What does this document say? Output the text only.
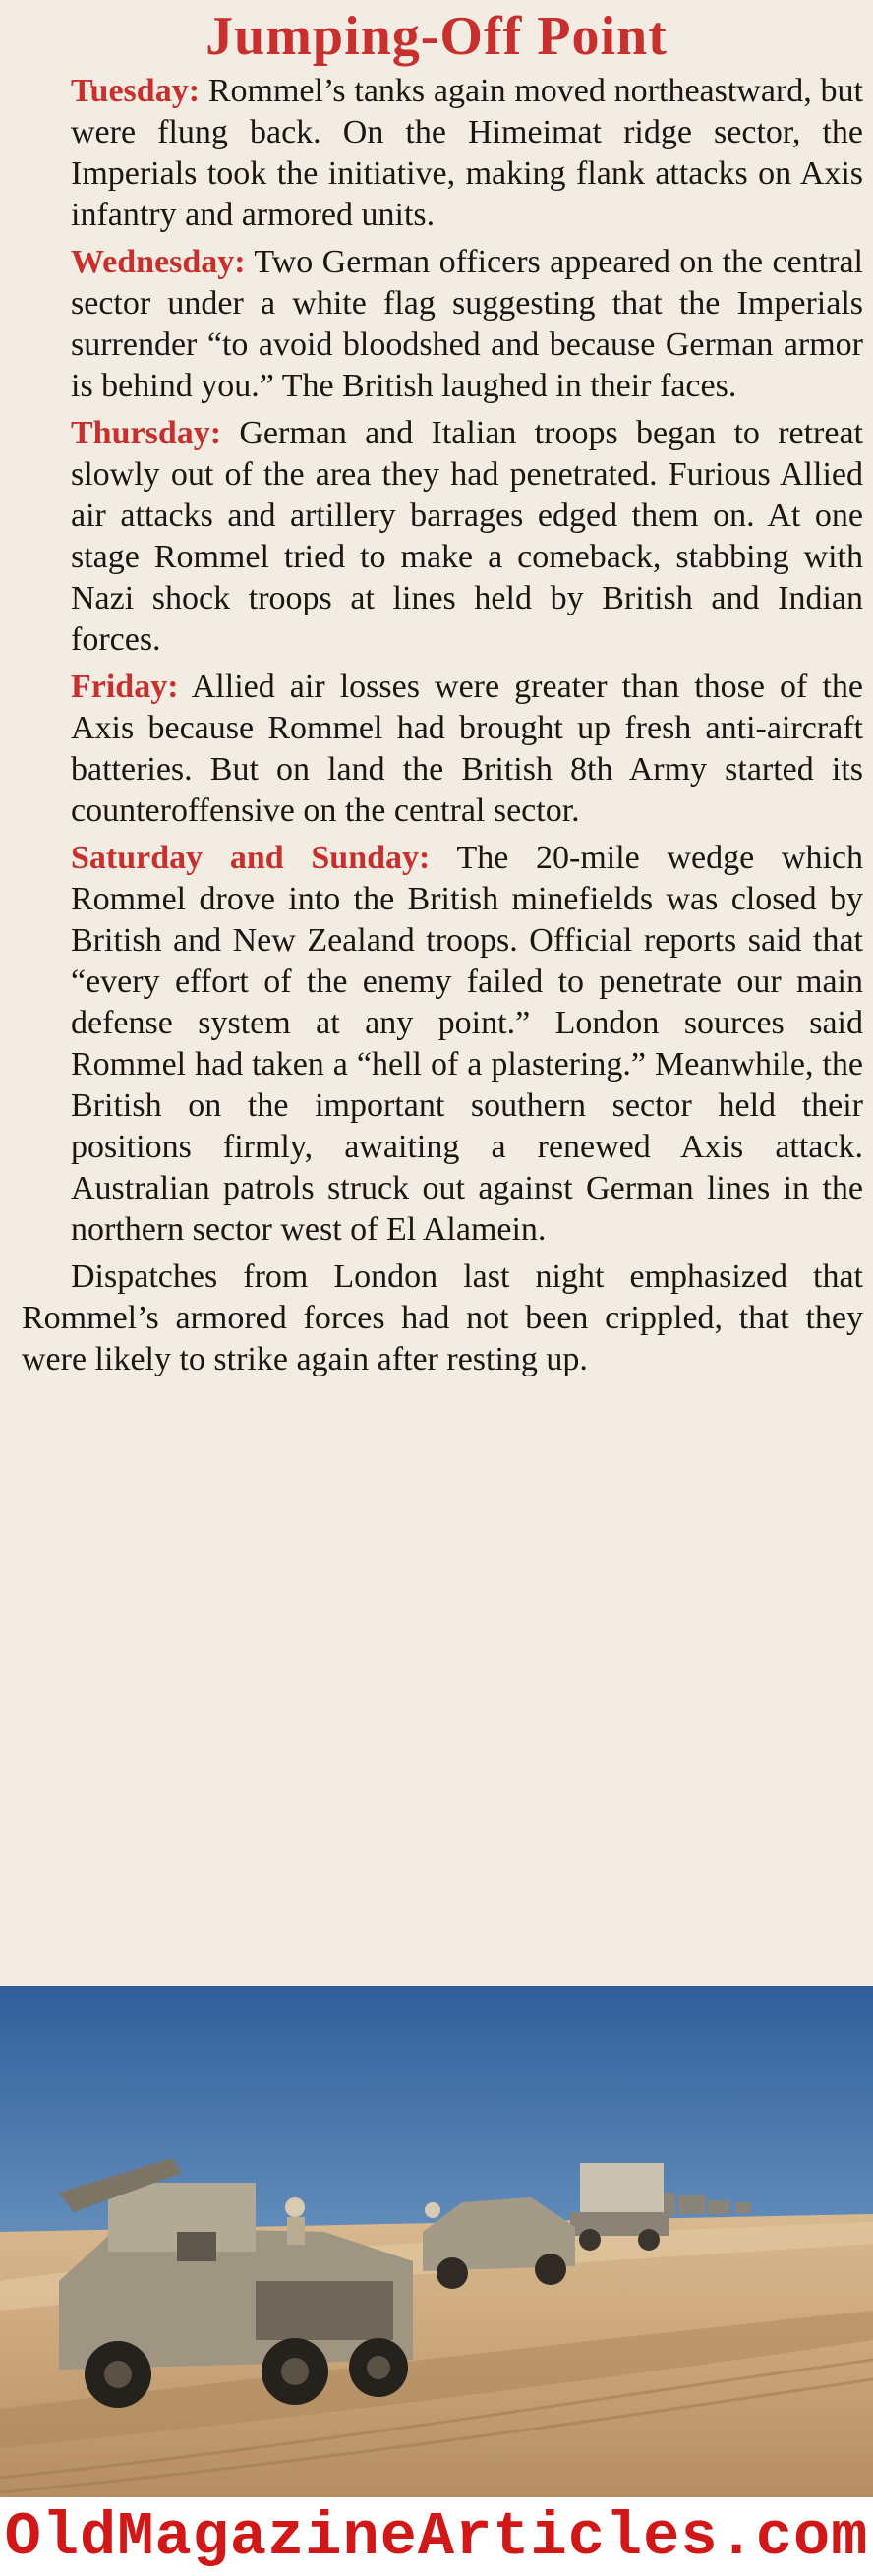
Jumping-Off Point

Tuesday: Rommel’s tanks again moved northeastward, but were flung back. On the Himeimat ridge sector, the Imperials took the initiative, making flank attacks on Axis infantry and armored units.

Wednesday: Two German officers appeared on the central sector under a white flag suggesting that the Imperials surrender “to avoid bloodshed and because German armor is behind you.” The British laughed in their faces.

Thursday: German and Italian troops began to retreat slowly out of the area they had penetrated. Furious Allied air attacks and artillery barrages edged them on. At one stage Rommel tried to make a comeback, stabbing with Nazi shock troops at lines held by British and Indian forces.

Friday: Allied air losses were greater than those of the Axis because Rommel had brought up fresh anti-aircraft batteries. But on land the British 8th Army started its counteroffensive on the central sector.

Saturday and Sunday: The 20-mile wedge which Rommel drove into the British minefields was closed by British and New Zealand troops. Official reports said that “every effort of the enemy failed to penetrate our main defense system at any point.” London sources said Rommel had taken a “hell of a plastering.” Meanwhile, the British on the important southern sector held their positions firmly, awaiting a renewed Axis attack. Australian patrols struck out against German lines in the northern sector west of El Alamein.

Dispatches from London last night emphasized that Rommel’s armored forces had not been crippled, that they were likely to strike again after resting up.

OldMagazineArticles.com
